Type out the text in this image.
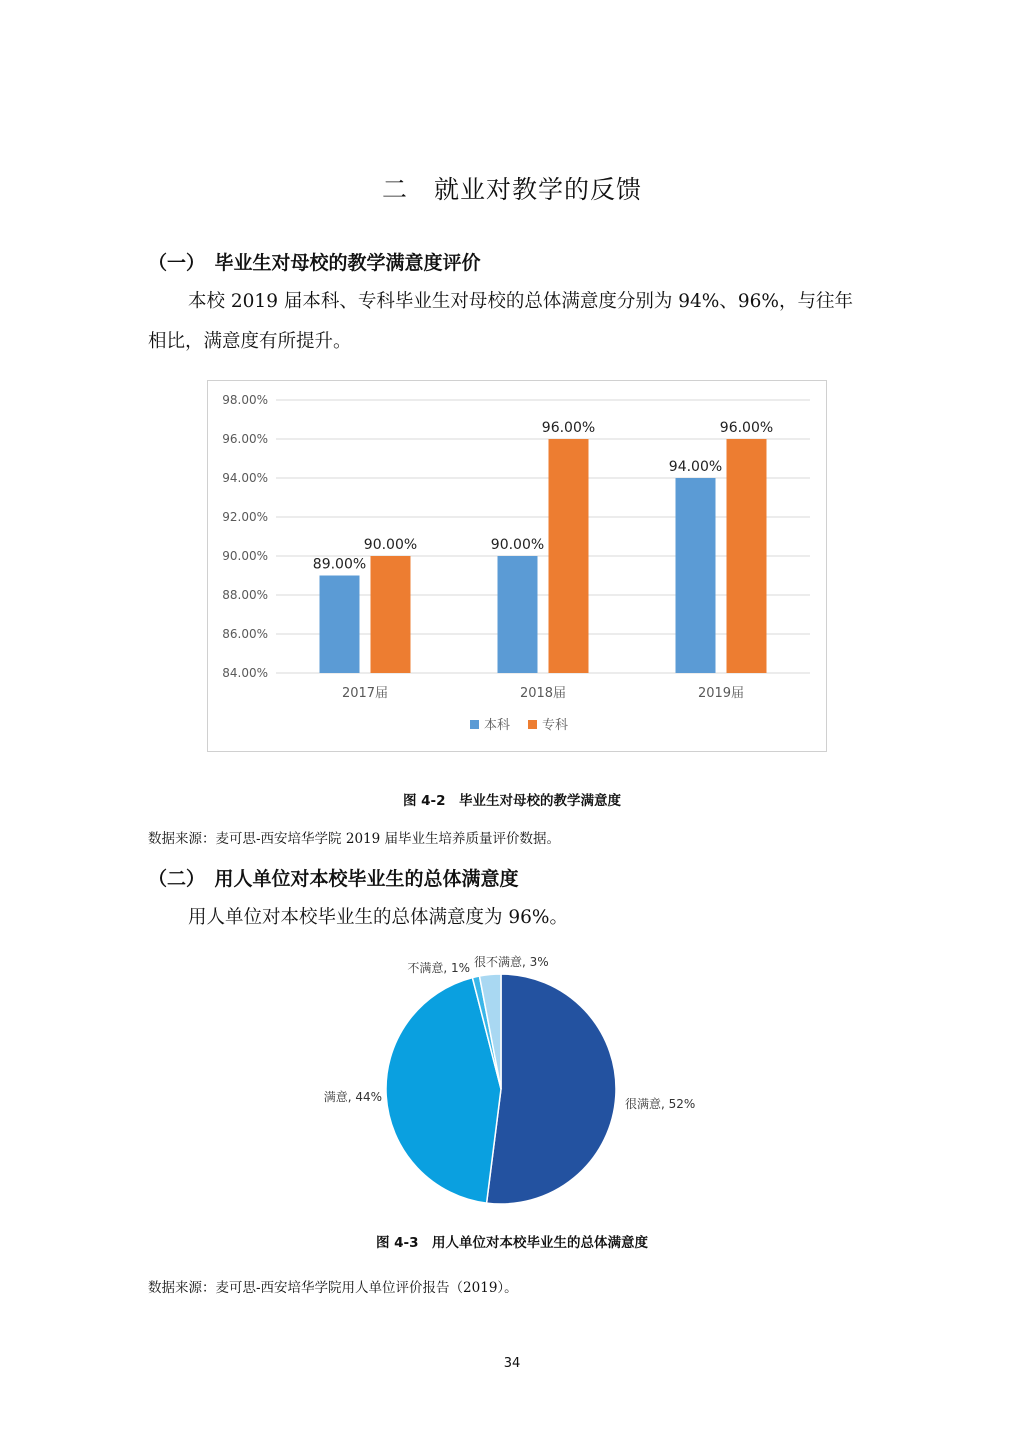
二　就业对教学的反馈
（一）　毕业生对母校的教学满意度评价
本校 2019 届本科、专科毕业生对母校的总体满意度分别为 94%、96%，与往年
相比，满意度有所提升。
84.00%
86.00%
88.00%
90.00%
92.00%
94.00%
96.00%
98.00%
89.00%
90.00%
2017届
90.00%
96.00%
2018届
94.00%
96.00%
2019届
本科 专科
图 4-2　毕业生对母校的教学满意度
数据来源：麦可思-西安培华学院 2019 届毕业生培养质量评价数据。
（二）　用人单位对本校毕业生的总体满意度
用人单位对本校毕业生的总体满意度为 96%。
很满意, 52%
满意, 44%
不满意, 1% 很不满意, 3%
图 4-3　用人单位对本校毕业生的总体满意度
数据来源：麦可思-西安培华学院用人单位评价报告（2019）。
34
